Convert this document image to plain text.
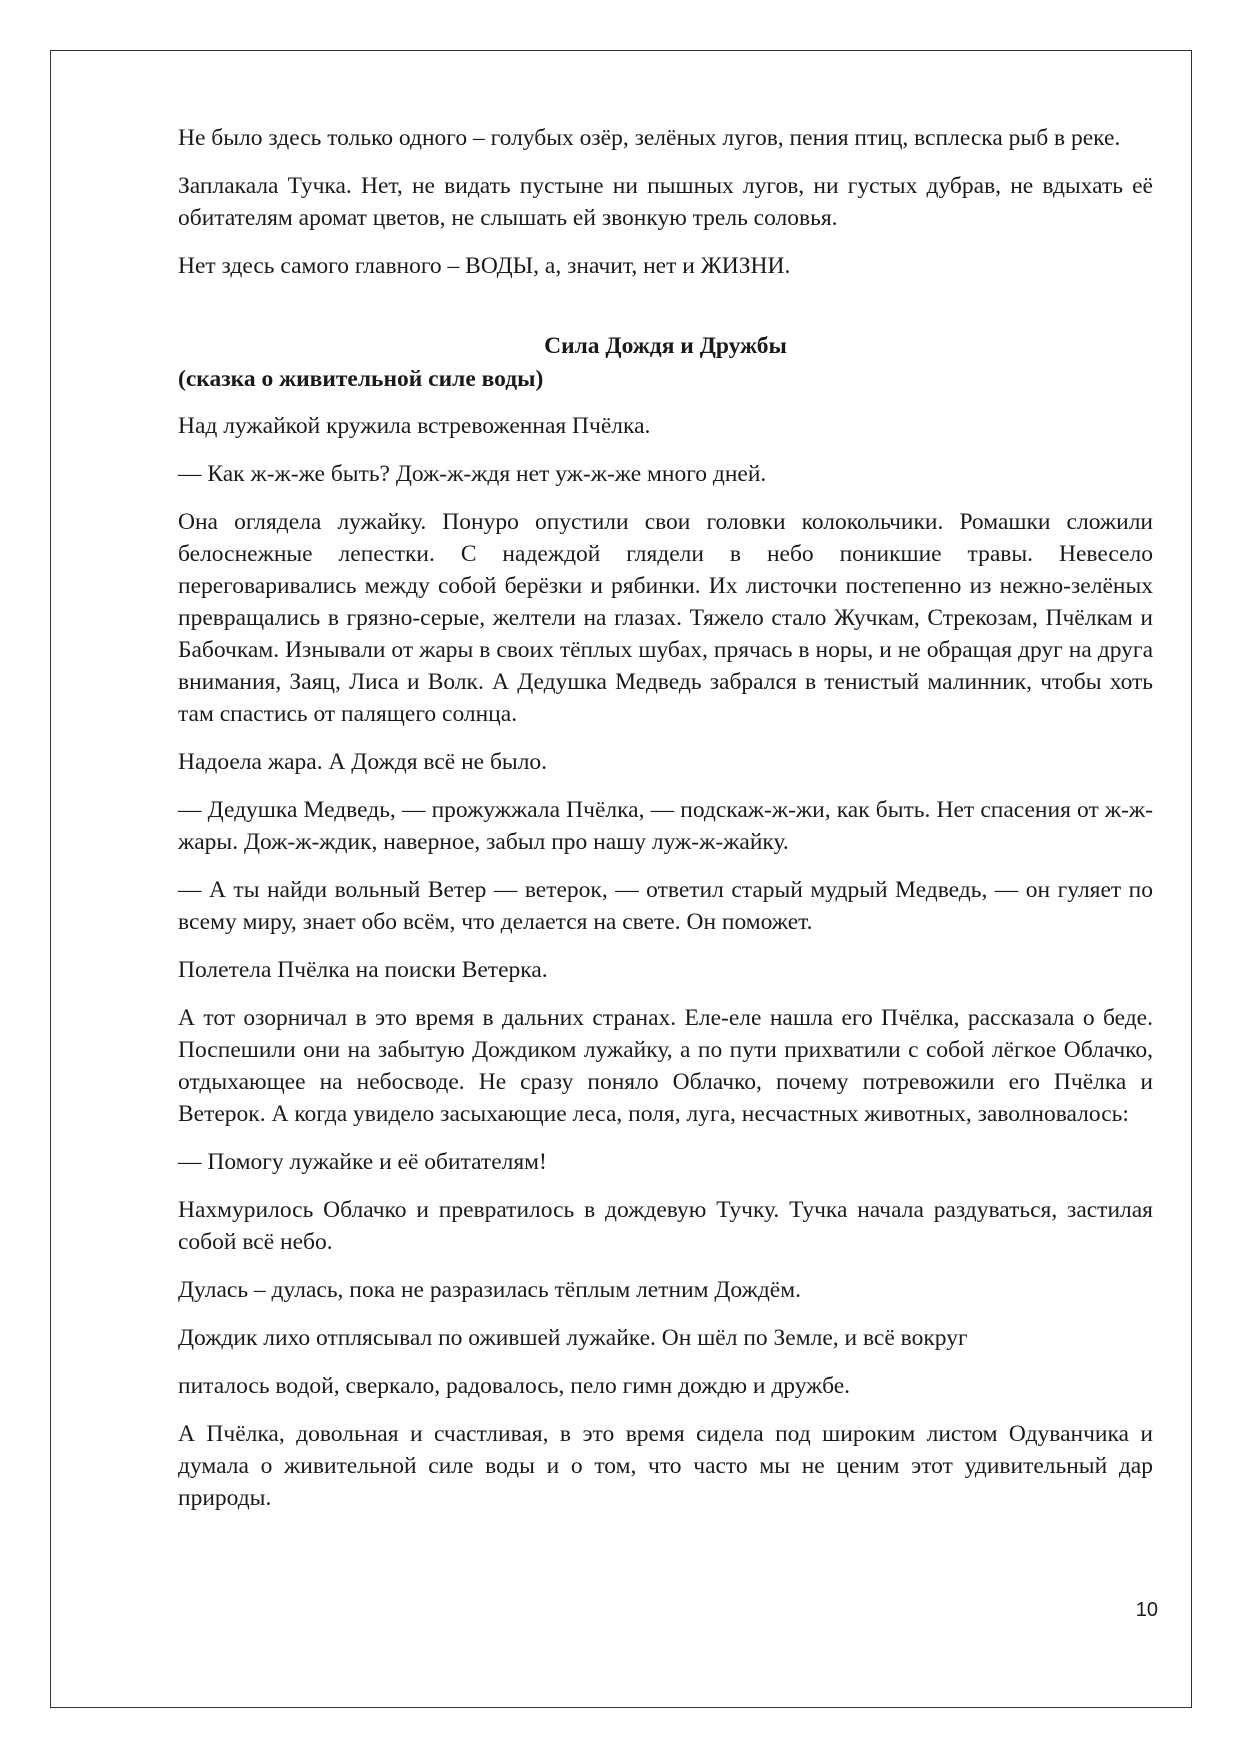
Не было здесь только одного – голубых озёр, зелёных лугов, пения птиц, всплеска рыб в реке.

Заплакала Тучка. Нет, не видать пустыне ни пышных лугов, ни густых дубрав, не вдыхать её обитателям аромат цветов, не слышать ей звонкую трель соловья.

Нет здесь самого главного – ВОДЫ, а, значит, нет и ЖИЗНИ.

Сила Дождя и Дружбы
(сказка о живительной силе воды)

Над лужайкой кружила встревоженная Пчёлка.

— Как ж-ж-же быть? Дож-ж-ждя нет уж-ж-же много дней.

Она оглядела лужайку. Понуро опустили свои головки колокольчики. Ромашки сложили белоснежные лепестки. С надеждой глядели в небо поникшие травы. Невесело переговаривались между собой берёзки и рябинки. Их листочки постепенно из нежно-зелёных превращались в грязно-серые, желтели на глазах. Тяжело стало Жучкам, Стрекозам, Пчёлкам и Бабочкам. Изнывали от жары в своих тёплых шубах, прячась в норы, и не обращая друг на друга внимания, Заяц, Лиса и Волк. А Дедушка Медведь забрался в тенистый малинник, чтобы хоть там спастись от палящего солнца.

Надоела жара. А Дождя всё не было.

— Дедушка Медведь, — прожужжала Пчёлка, — подскаж-ж-жи, как быть. Нет спасения от ж-ж-жары. Дож-ж-ждик, наверное, забыл про нашу луж-ж-жайку.

— А ты найди вольный Ветер — ветерок, — ответил старый мудрый Медведь, — он гуляет по всему миру, знает обо всём, что делается на свете. Он поможет.

Полетела Пчёлка на поиски Ветерка.

А тот озорничал в это время в дальних странах. Еле-еле нашла его Пчёлка, рассказала о беде. Поспешили они на забытую Дождиком лужайку, а по пути прихватили с собой лёгкое Облачко, отдыхающее на небосводе. Не сразу поняло Облачко, почему потревожили его Пчёлка и Ветерок. А когда увидело засыхающие леса, поля, луга, несчастных животных, заволновалось:

— Помогу лужайке и её обитателям!

Нахмурилось Облачко и превратилось в дождевую Тучку. Тучка начала раздуваться, застилая собой всё небо.

Дулась – дулась, пока не разразилась тёплым летним Дождём.

Дождик лихо отплясывал по ожившей лужайке. Он шёл по Земле, и всё вокруг

питалось водой, сверкало, радовалось, пело гимн дождю и дружбе.

А Пчёлка, довольная и счастливая, в это время сидела под широким листом Одуванчика и думала о живительной силе воды и о том, что часто мы не ценим этот удивительный дар природы.

10
